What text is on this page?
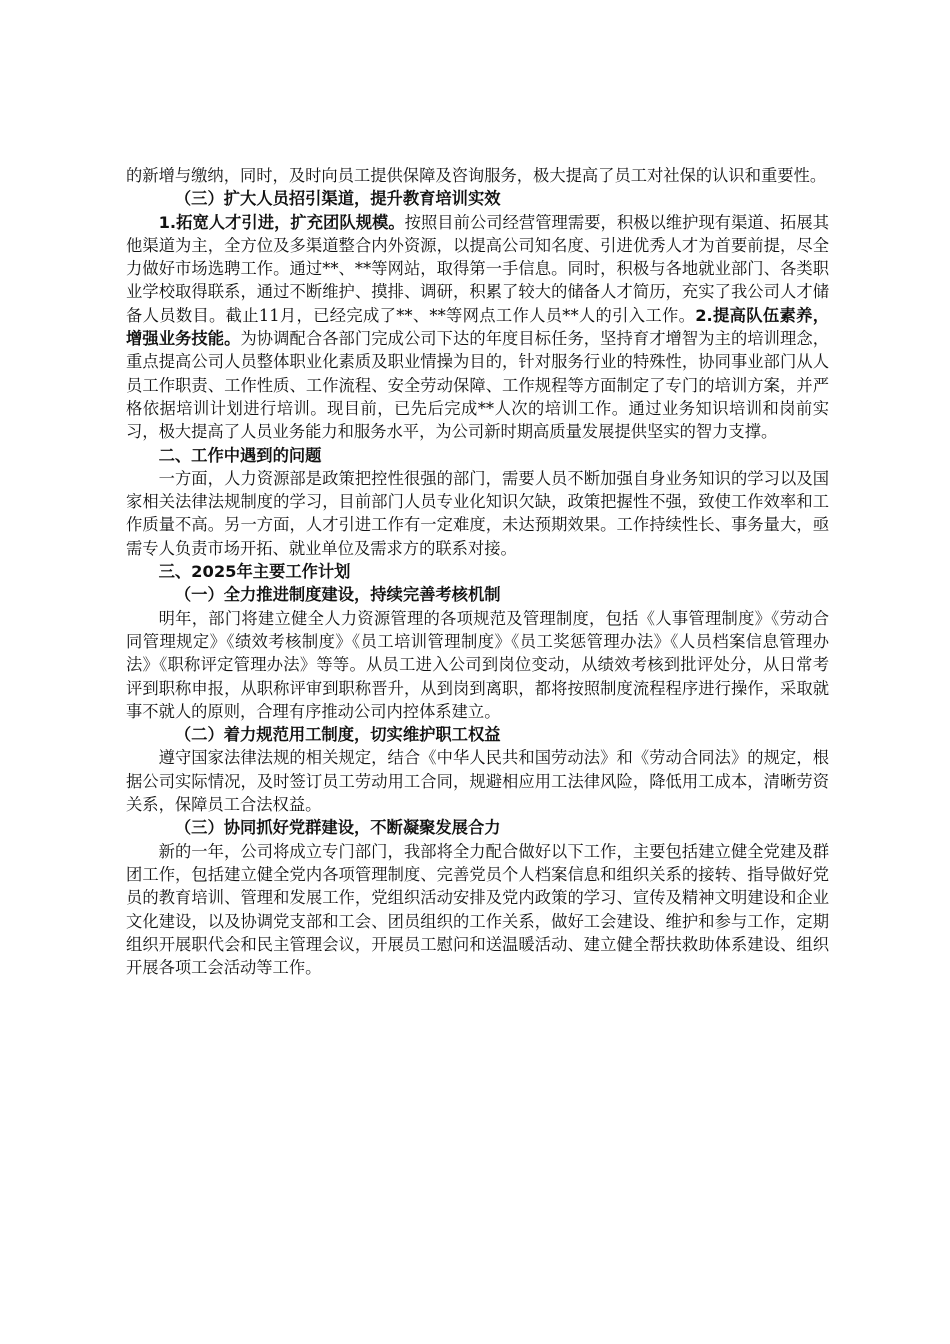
的新增与缴纳，同时，及时向员工提供保障及咨询服务，极大提高了员工对社保的认识和重要性。

（三）扩大人员招引渠道，提升教育培训实效

1.拓宽人才引进，扩充团队规模。按照目前公司经营管理需要，积极以维护现有渠道、拓展其他渠道为主，全方位及多渠道整合内外资源，以提高公司知名度、引进优秀人才为首要前提，尽全力做好市场选聘工作。通过**、**等网站，取得第一手信息。同时，积极与各地就业部门、各类职业学校取得联系，通过不断维护、摸排、调研，积累了较大的储备人才简历，充实了我公司人才储备人员数目。截止11月，已经完成了**、**等网点工作人员**人的引入工作。2.提高队伍素养，增强业务技能。为协调配合各部门完成公司下达的年度目标任务，坚持育才增智为主的培训理念，重点提高公司人员整体职业化素质及职业情操为目的，针对服务行业的特殊性，协同事业部门从人员工作职责、工作性质、工作流程、安全劳动保障、工作规程等方面制定了专门的培训方案，并严格依据培训计划进行培训。现目前，已先后完成**人次的培训工作。通过业务知识培训和岗前实习，极大提高了人员业务能力和服务水平，为公司新时期高质量发展提供坚实的智力支撑。

二、工作中遇到的问题

一方面，人力资源部是政策把控性很强的部门，需要人员不断加强自身业务知识的学习以及国家相关法律法规制度的学习，目前部门人员专业化知识欠缺，政策把握性不强，致使工作效率和工作质量不高。另一方面，人才引进工作有一定难度，未达预期效果。工作持续性长、事务量大，亟需专人负责市场开拓、就业单位及需求方的联系对接。

三、2025年主要工作计划

（一）全力推进制度建设，持续完善考核机制

明年，部门将建立健全人力资源管理的各项规范及管理制度，包括《人事管理制度》《劳动合同管理规定》《绩效考核制度》《员工培训管理制度》《员工奖惩管理办法》《人员档案信息管理办法》《职称评定管理办法》等等。从员工进入公司到岗位变动，从绩效考核到批评处分，从日常考评到职称申报，从职称评审到职称晋升，从到岗到离职，都将按照制度流程程序进行操作，采取就事不就人的原则，合理有序推动公司内控体系建立。

（二）着力规范用工制度，切实维护职工权益

遵守国家法律法规的相关规定，结合《中华人民共和国劳动法》和《劳动合同法》的规定，根据公司实际情况，及时签订员工劳动用工合同，规避相应用工法律风险，降低用工成本，清晰劳资关系，保障员工合法权益。

（三）协同抓好党群建设，不断凝聚发展合力

新的一年，公司将成立专门部门，我部将全力配合做好以下工作，主要包括建立健全党建及群团工作，包括建立健全党内各项管理制度、完善党员个人档案信息和组织关系的接转、指导做好党员的教育培训、管理和发展工作，党组织活动安排及党内政策的学习、宣传及精神文明建设和企业文化建设，以及协调党支部和工会、团员组织的工作关系，做好工会建设、维护和参与工作，定期组织开展职代会和民主管理会议，开展员工慰问和送温暖活动、建立健全帮扶救助体系建设、组织开展各项工会活动等工作。
